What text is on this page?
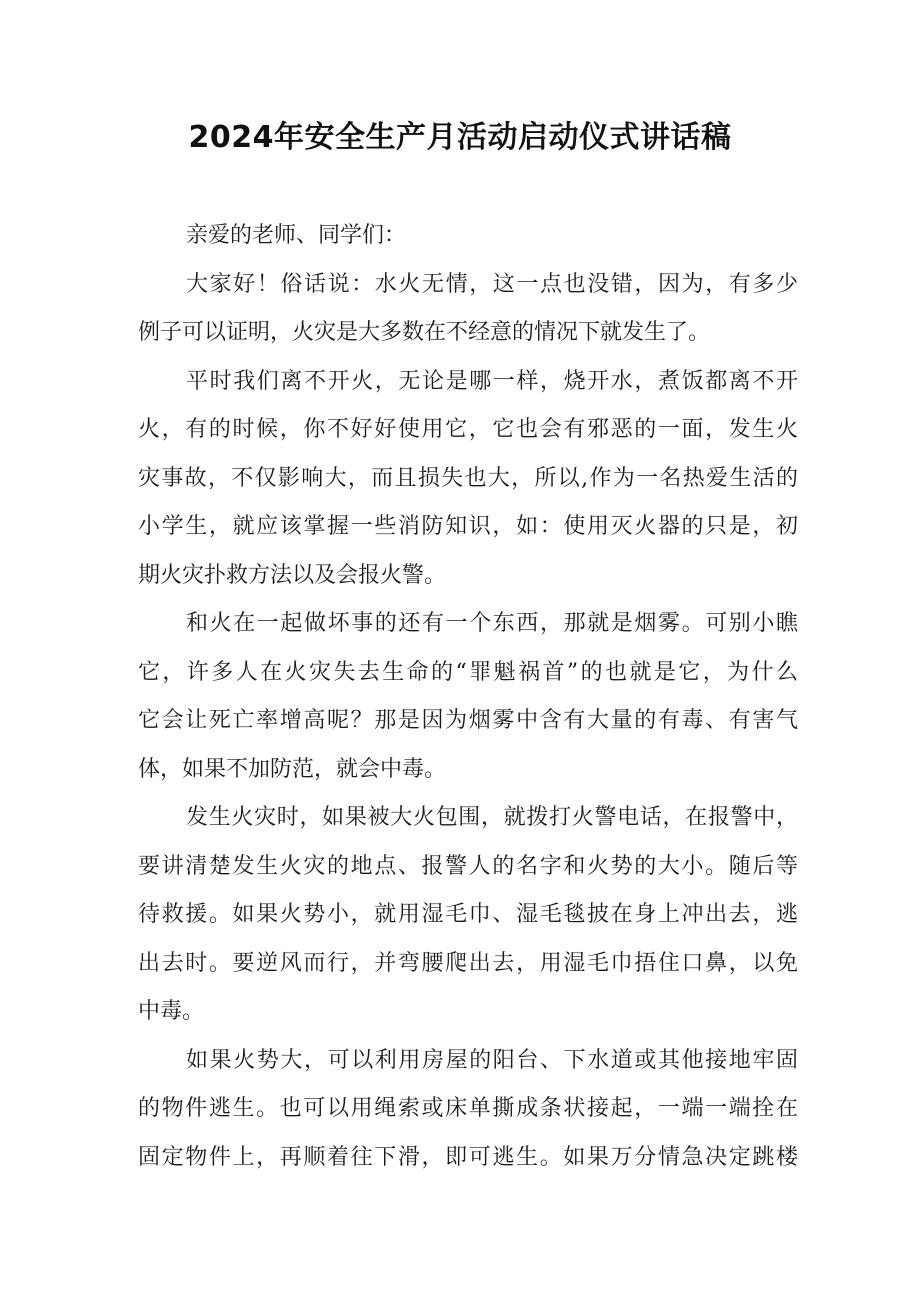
2024年安全生产月活动启动仪式讲话稿
亲爱的老师、同学们：
大家好！俗话说：水火无情，这一点也没错，因为，有多少
例子可以证明，火灾是大多数在不经意的情况下就发生了。
平时我们离不开火，无论是哪一样，烧开水，煮饭都离不开
火，有的时候，你不好好使用它，它也会有邪恶的一面，发生火
灾事故，不仅影响大，而且损失也大，所以,作为一名热爱生活的
小学生，就应该掌握一些消防知识，如：使用灭火器的只是，初
期火灾扑救方法以及会报火警。
和火在一起做坏事的还有一个东西，那就是烟雾。可别小瞧
它，许多人在火灾失去生命的“罪魁祸首”的也就是它，为什么
它会让死亡率增高呢？那是因为烟雾中含有大量的有毒、有害气
体，如果不加防范，就会中毒。
发生火灾时，如果被大火包围，就拨打火警电话，在报警中，
要讲清楚发生火灾的地点、报警人的名字和火势的大小。随后等
待救援。如果火势小，就用湿毛巾、湿毛毯披在身上冲出去，逃
出去时。要逆风而行，并弯腰爬出去，用湿毛巾捂住口鼻，以免
中毒。
如果火势大，可以利用房屋的阳台、下水道或其他接地牢固
的物件逃生。也可以用绳索或床单撕成条状接起，一端一端拴在
固定物件上，再顺着往下滑，即可逃生。如果万分情急决定跳楼
